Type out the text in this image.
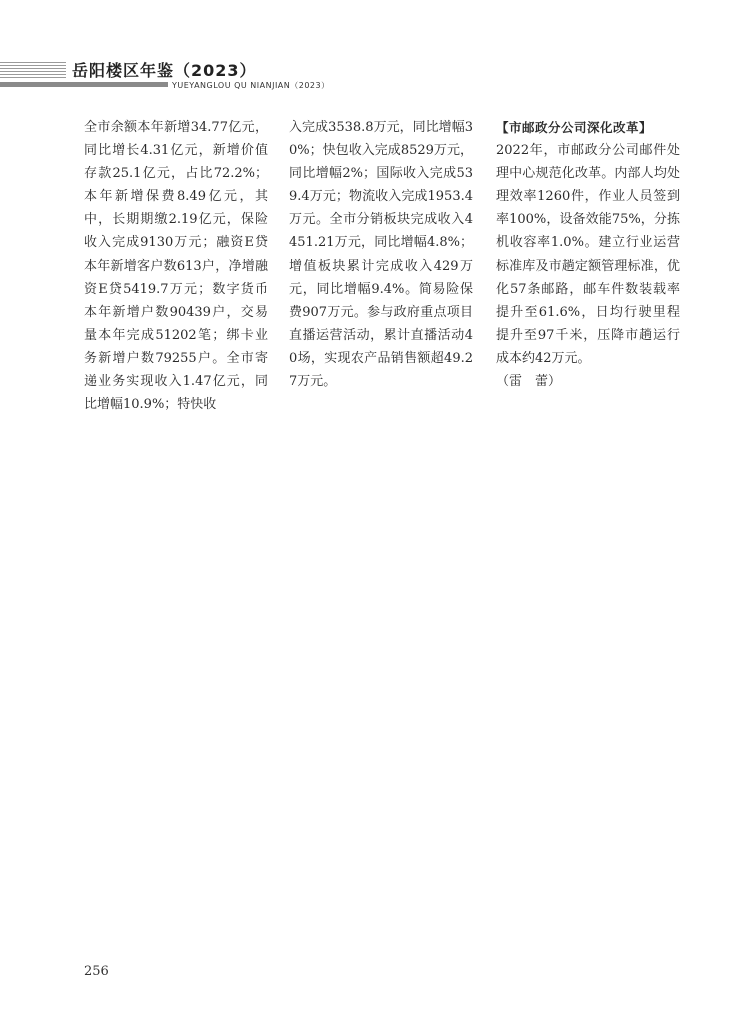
岳阳楼区年鉴（2023）
YUEYANGLOU QU NIANJIAN（2023）

全市余额本年新增34.77亿元，同比增长4.31亿元，新增价值存款25.1亿元，占比72.2%；本年新增保费8.49亿元，其中，长期期缴2.19亿元，保险收入完成9130万元；融资E贷本年新增客户数613户，净增融资E贷5419.7万元；数字货币本年新增户数90439户，交易量本年完成51202笔；绑卡业务新增户数79255户。全市寄递业务实现收入1.47亿元，同比增幅10.9%；特快收

入完成3538.8万元，同比增幅30%；快包收入完成8529万元，同比增幅2%；国际收入完成539.4万元；物流收入完成1953.4万元。全市分销板块完成收入4451.21万元，同比增幅4.8%；增值板块累计完成收入429万元，同比增幅9.4%。简易险保费907万元。参与政府重点项目直播运营活动，累计直播活动40场，实现农产品销售额超49.27万元。

【市邮政分公司深化改革】

2022年，市邮政分公司邮件处理中心规范化改革。内部人均处理效率1260件，作业人员签到率100%，设备效能75%，分拣机收容率1.0%。建立行业运营标准库及市趟定额管理标准，优化57条邮路，邮车件数装载率提升至61.6%，日均行驶里程提升至97千米，压降市趟运行成本约42万元。

（雷　蕾）
256
